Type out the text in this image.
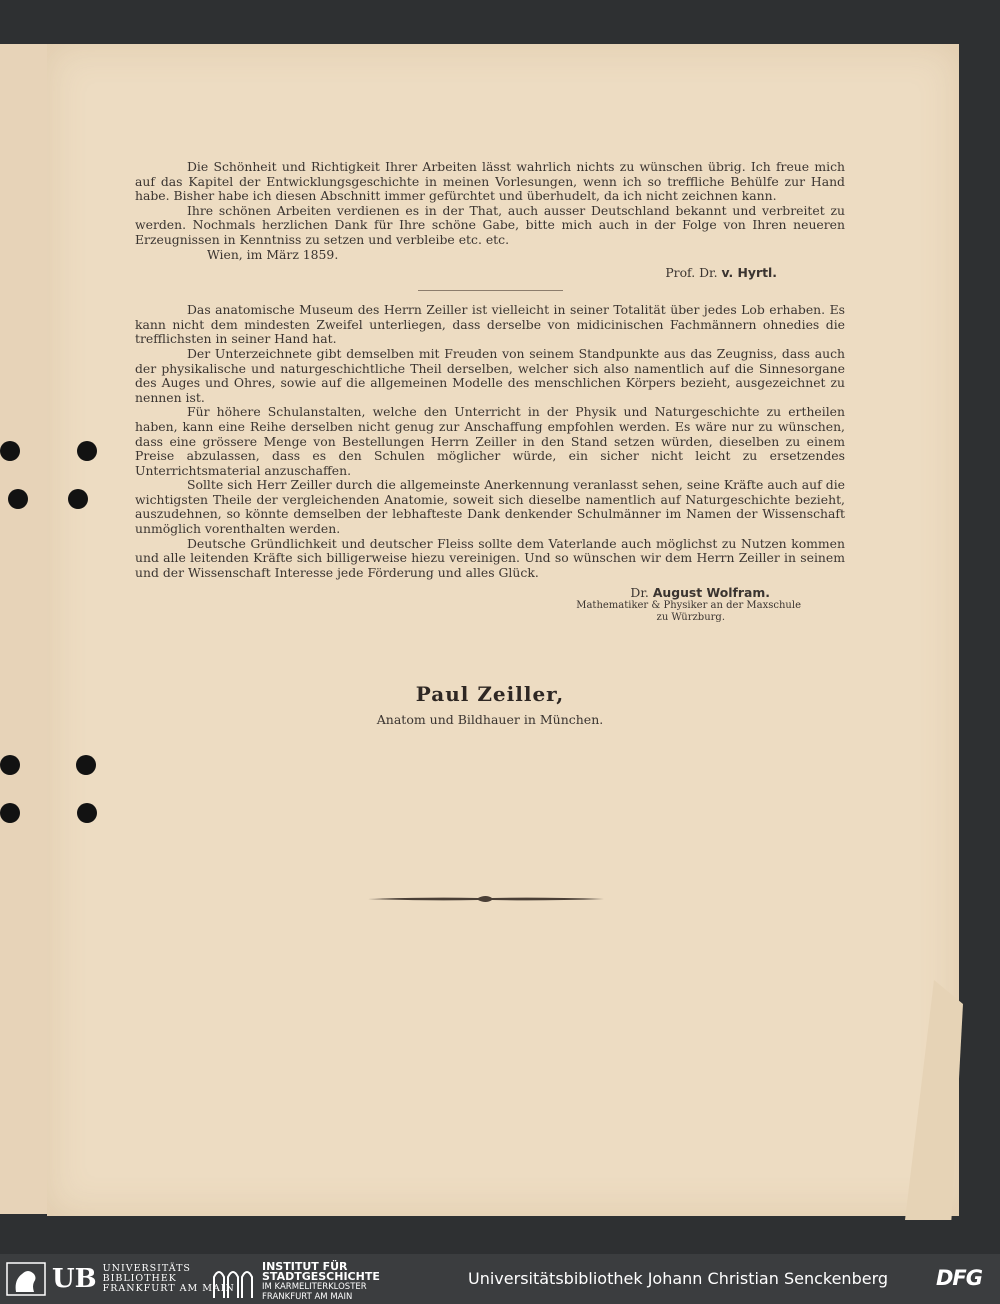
Die Schönheit und Richtigkeit Ihrer Arbeiten lässt wahrlich nichts zu wünschen übrig. Ich freue mich auf das Kapitel der Entwicklungsgeschichte in meinen Vorlesungen, wenn ich so treffliche Behülfe zur Hand habe. Bisher habe ich diesen Abschnitt immer gefürchtet und überhudelt, da ich nicht zeichnen kann.

Ihre schönen Arbeiten verdienen es in der That, auch ausser Deutschland bekannt und verbreitet zu werden. Nochmals herzlichen Dank für Ihre schöne Gabe, bitte mich auch in der Folge von Ihren neueren Erzeugnissen in Kenntniss zu setzen und verbleibe etc. etc.

Wien, im März 1859.

Prof. Dr. v. Hyrtl.

Das anatomische Museum des Herrn Zeiller ist vielleicht in seiner Totalität über jedes Lob erhaben. Es kann nicht dem mindesten Zweifel unterliegen, dass derselbe von midicinischen Fachmännern ohnedies die trefflichsten in seiner Hand hat.

Der Unterzeichnete gibt demselben mit Freuden von seinem Standpunkte aus das Zeugniss, dass auch der physikalische und naturgeschichtliche Theil derselben, welcher sich also namentlich auf die Sinnesorgane des Auges und Ohres, sowie auf die allgemeinen Modelle des menschlichen Körpers bezieht, ausgezeichnet zu nennen ist.

Für höhere Schulanstalten, welche den Unterricht in der Physik und Naturgeschichte zu ertheilen haben, kann eine Reihe derselben nicht genug zur Anschaffung empfohlen werden. Es wäre nur zu wünschen, dass eine grössere Menge von Bestellungen Herrn Zeiller in den Stand setzen würden, dieselben zu einem Preise abzulassen, dass es den Schulen möglicher würde, ein sicher nicht leicht zu ersetzendes Unterrichtsmaterial anzuschaffen.

Sollte sich Herr Zeiller durch die allgemeinste Anerkennung veranlasst sehen, seine Kräfte auch auf die wichtigsten Theile der vergleichenden Anatomie, soweit sich dieselbe namentlich auf Naturgeschichte bezieht, auszudehnen, so könnte demselben der lebhafteste Dank denkender Schulmänner im Namen der Wissenschaft unmöglich vorenthalten werden.

Deutsche Gründlichkeit und deutscher Fleiss sollte dem Vaterlande auch möglichst zu Nutzen kommen und alle leitenden Kräfte sich billigerweise hiezu vereinigen. Und so wünschen wir dem Herrn Zeiller in seinem und der Wissenschaft Interesse jede Förderung und alles Glück.

Dr. August Wolfram.
Mathematiker & Physiker an der Maxschule
zu Würzburg.
Paul Zeiller,
Anatom und Bildhauer in München.
UB UNIVERSITÄTS
BIBLIOTHEK
FRANKFURT AM MAIN
INSTITUT FÜR
STADTGESCHICHTE
IM KARMELITERKLOSTER
FRANKFURT AM MAIN
Universitätsbibliothek Johann Christian Senckenberg DFG
